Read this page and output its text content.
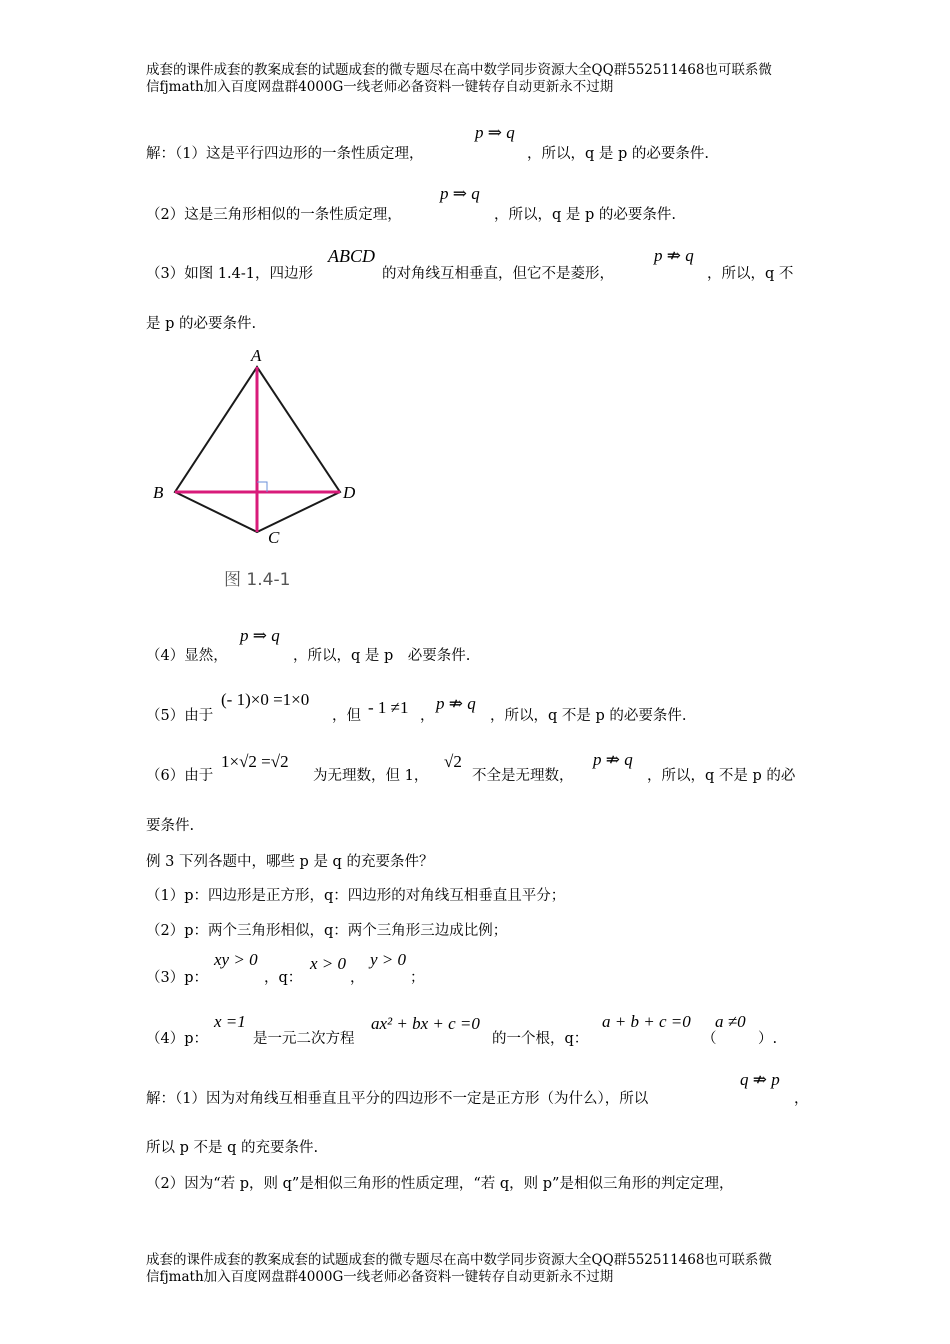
成套的课件成套的教案成套的试题成套的微专题尽在高中数学同步资源大全QQ群552511468也可联系微
信fjmath加入百度网盘群4000G一线老师必备资料一键转存自动更新永不过期
解：（1）这是平行四边形的一条性质定理，
p ⇒ q
，所以，q 是 p 的必要条件.
（2）这是三角形相似的一条性质定理，
p ⇒ q
，所以，q 是 p 的必要条件.
（3）如图 1.4-1，四边形
ABCD
的对角线互相垂直，但它不是菱形，
p ⇏ q
，所以，q 不
是 p 的必要条件.
A
B
C
D
图 1.4-1
（4）显然，
p ⇒ q
，所以，q 是 p　必要条件.
（5）由于
(- 1)×0 =1×0
，但 - 1 ≠1 ，
p ⇏ q
，所以，q 不是 p 的必要条件.
（6）由于
1×√2 =√2
为无理数，但 1，
√2
不全是无理数，
p ⇏ q
，所以，q 不是 p 的必
要条件.
例 3 下列各题中，哪些 p 是 q 的充要条件？
（1）p：四边形是正方形，q：四边形的对角线互相垂直且平分；
（2）p：两个三角形相似，q：两个三角形三边成比例；
（3）p：
xy > 0
，q：
x > 0
，
y > 0
；
（4）p：
x =1
是一元二次方程
ax² + bx + c =0
的一个根，q：
a + b + c =0
（
a ≠0
）.
解：（1）因为对角线互相垂直且平分的四边形不一定是正方形（为什么），所以
q ⇏ p
，
所以 p 不是 q 的充要条件.
（2）因为“若 p，则 q”是相似三角形的性质定理，“若 q，则 p”是相似三角形的判定定理，
成套的课件成套的教案成套的试题成套的微专题尽在高中数学同步资源大全QQ群552511468也可联系微
信fjmath加入百度网盘群4000G一线老师必备资料一键转存自动更新永不过期
